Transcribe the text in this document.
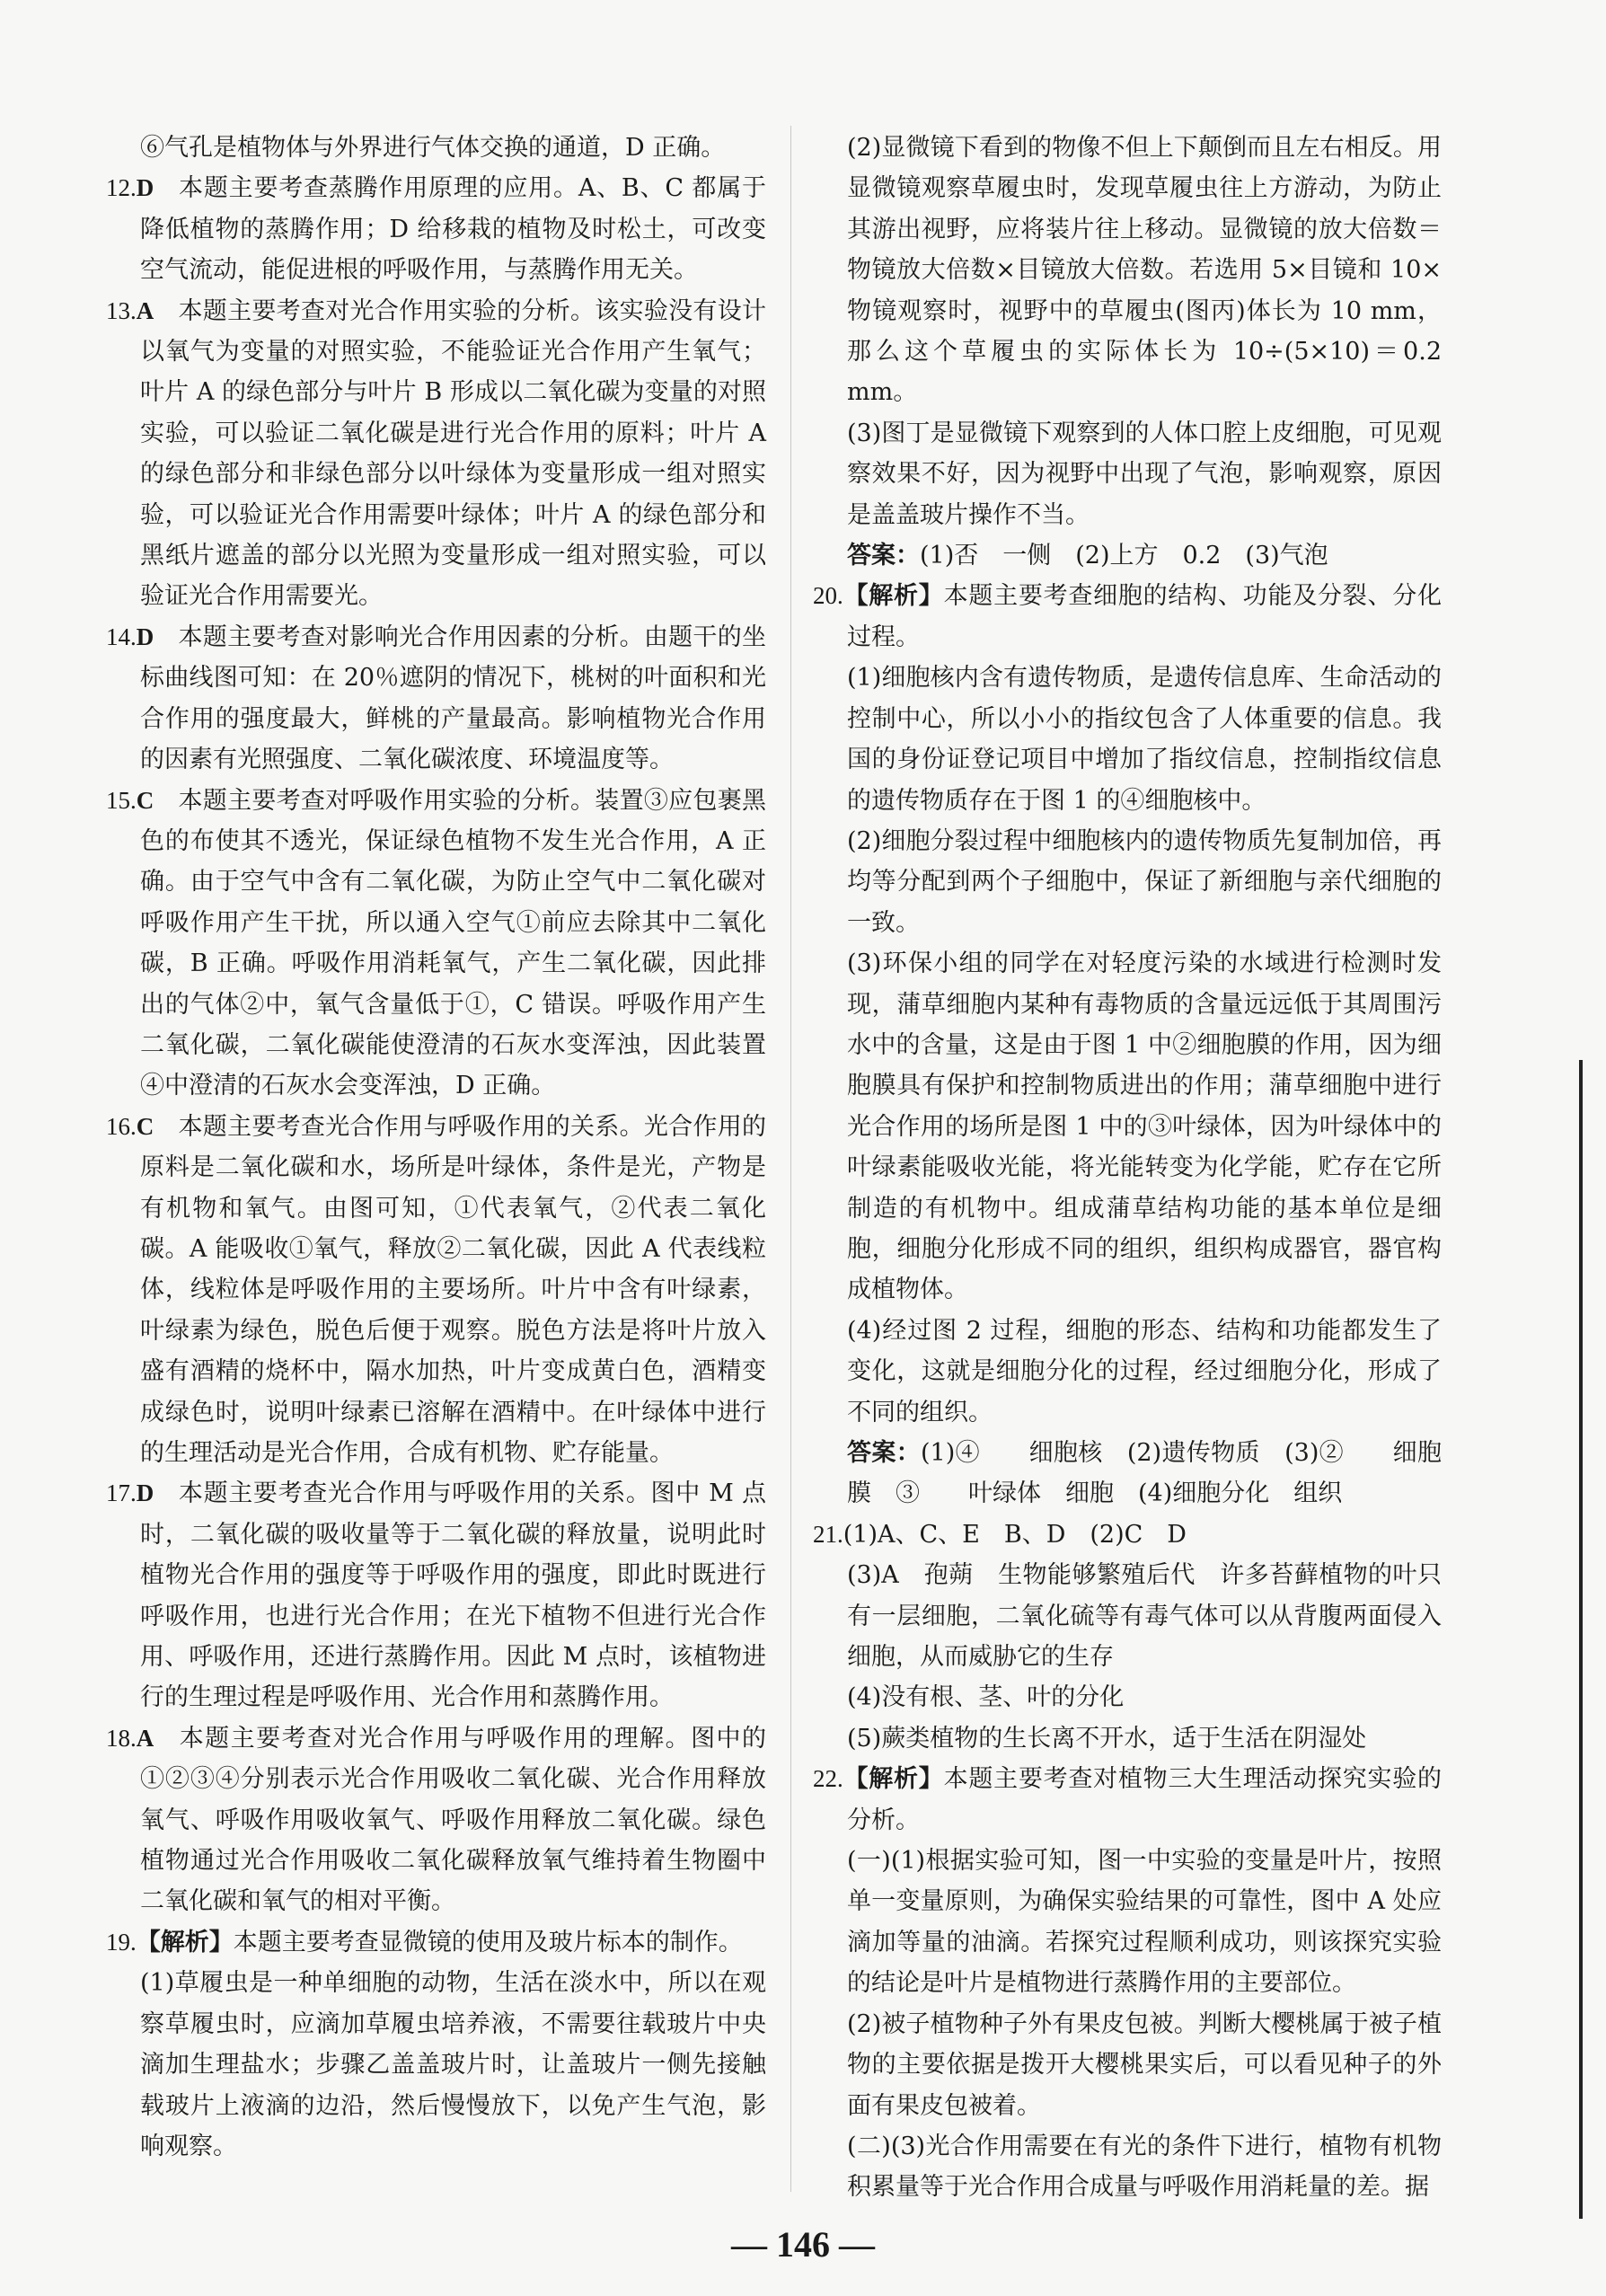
⑥气孔是植物体与外界进行气体交换的通道，D 正确。

12.D  本题主要考查蒸腾作用原理的应用。A、B、C 都属于降低植物的蒸腾作用；D 给移栽的植物及时松土，可改变空气流动，能促进根的呼吸作用，与蒸腾作用无关。

13.A  本题主要考查对光合作用实验的分析。该实验没有设计以氧气为变量的对照实验，不能验证光合作用产生氧气；叶片 A 的绿色部分与叶片 B 形成以二氧化碳为变量的对照实验，可以验证二氧化碳是进行光合作用的原料；叶片 A 的绿色部分和非绿色部分以叶绿体为变量形成一组对照实验，可以验证光合作用需要叶绿体；叶片 A 的绿色部分和黑纸片遮盖的部分以光照为变量形成一组对照实验，可以验证光合作用需要光。

14.D  本题主要考查对影响光合作用因素的分析。由题干的坐标曲线图可知：在 20％遮阴的情况下，桃树的叶面积和光合作用的强度最大，鲜桃的产量最高。影响植物光合作用的因素有光照强度、二氧化碳浓度、环境温度等。

15.C  本题主要考查对呼吸作用实验的分析。装置③应包裹黑色的布使其不透光，保证绿色植物不发生光合作用，A 正确。由于空气中含有二氧化碳，为防止空气中二氧化碳对呼吸作用产生干扰，所以通入空气①前应去除其中二氧化碳，B 正确。呼吸作用消耗氧气，产生二氧化碳，因此排出的气体②中，氧气含量低于①，C 错误。呼吸作用产生二氧化碳，二氧化碳能使澄清的石灰水变浑浊，因此装置④中澄清的石灰水会变浑浊，D 正确。

16.C  本题主要考查光合作用与呼吸作用的关系。光合作用的原料是二氧化碳和水，场所是叶绿体，条件是光，产物是有机物和氧气。由图可知，①代表氧气，②代表二氧化碳。A 能吸收①氧气，释放②二氧化碳，因此 A 代表线粒体，线粒体是呼吸作用的主要场所。叶片中含有叶绿素，叶绿素为绿色，脱色后便于观察。脱色方法是将叶片放入盛有酒精的烧杯中，隔水加热，叶片变成黄白色，酒精变成绿色时，说明叶绿素已溶解在酒精中。在叶绿体中进行的生理活动是光合作用，合成有机物、贮存能量。

17.D  本题主要考查光合作用与呼吸作用的关系。图中 M 点时，二氧化碳的吸收量等于二氧化碳的释放量，说明此时植物光合作用的强度等于呼吸作用的强度，即此时既进行呼吸作用，也进行光合作用；在光下植物不但进行光合作用、呼吸作用，还进行蒸腾作用。因此 M 点时，该植物进行的生理过程是呼吸作用、光合作用和蒸腾作用。

18.A  本题主要考查对光合作用与呼吸作用的理解。图中的①②③④分别表示光合作用吸收二氧化碳、光合作用释放氧气、呼吸作用吸收氧气、呼吸作用释放二氧化碳。绿色植物通过光合作用吸收二氧化碳释放氧气维持着生物圈中二氧化碳和氧气的相对平衡。

19.【解析】本题主要考查显微镜的使用及玻片标本的制作。

(1)草履虫是一种单细胞的动物，生活在淡水中，所以在观察草履虫时，应滴加草履虫培养液，不需要往载玻片中央滴加生理盐水；步骤乙盖盖玻片时，让盖玻片一侧先接触载玻片上液滴的边沿，然后慢慢放下，以免产生气泡，影响观察。

(2)显微镜下看到的物像不但上下颠倒而且左右相反。用显微镜观察草履虫时，发现草履虫往上方游动，为防止其游出视野，应将装片往上移动。显微镜的放大倍数＝物镜放大倍数×目镜放大倍数。若选用 5×目镜和 10×物镜观察时，视野中的草履虫(图丙)体长为 10 mm，那么这个草履虫的实际体长为 10÷(5×10)＝0.2 mm。

(3)图丁是显微镜下观察到的人体口腔上皮细胞，可见观察效果不好，因为视野中出现了气泡，影响观察，原因是盖盖玻片操作不当。

答案：(1)否　一侧　(2)上方　0.2　(3)气泡

20.【解析】本题主要考查细胞的结构、功能及分裂、分化过程。

(1)细胞核内含有遗传物质，是遗传信息库、生命活动的控制中心，所以小小的指纹包含了人体重要的信息。我国的身份证登记项目中增加了指纹信息，控制指纹信息的遗传物质存在于图 1 的④细胞核中。

(2)细胞分裂过程中细胞核内的遗传物质先复制加倍，再均等分配到两个子细胞中，保证了新细胞与亲代细胞的一致。

(3)环保小组的同学在对轻度污染的水域进行检测时发现，蒲草细胞内某种有毒物质的含量远远低于其周围污水中的含量，这是由于图 1 中②细胞膜的作用，因为细胞膜具有保护和控制物质进出的作用；蒲草细胞中进行光合作用的场所是图 1 中的③叶绿体，因为叶绿体中的叶绿素能吸收光能，将光能转变为化学能，贮存在它所制造的有机物中。组成蒲草结构功能的基本单位是细胞，细胞分化形成不同的组织，组织构成器官，器官构成植物体。

(4)经过图 2 过程，细胞的形态、结构和功能都发生了变化，这就是细胞分化的过程，经过细胞分化，形成了不同的组织。

答案：(1)④　　细胞核　(2)遗传物质　(3)②　　细胞膜　③　　叶绿体　细胞　(4)细胞分化　组织

21.(1)A、C、E　B、D　(2)C　D

(3)A　孢蒴　生物能够繁殖后代　许多苔藓植物的叶只有一层细胞，二氧化硫等有毒气体可以从背腹两面侵入细胞，从而威胁它的生存

(4)没有根、茎、叶的分化

(5)蕨类植物的生长离不开水，适于生活在阴湿处

22.【解析】本题主要考查对植物三大生理活动探究实验的分析。

(一)(1)根据实验可知，图一中实验的变量是叶片，按照单一变量原则，为确保实验结果的可靠性，图中 A 处应滴加等量的油滴。若探究过程顺利成功，则该探究实验的结论是叶片是植物进行蒸腾作用的主要部位。

(2)被子植物种子外有果皮包被。判断大樱桃属于被子植物的主要依据是拨开大樱桃果实后，可以看见种子的外面有果皮包被着。

(二)(3)光合作用需要在有光的条件下进行，植物有机物积累量等于光合作用合成量与呼吸作用消耗量的差。据

— 146 —
